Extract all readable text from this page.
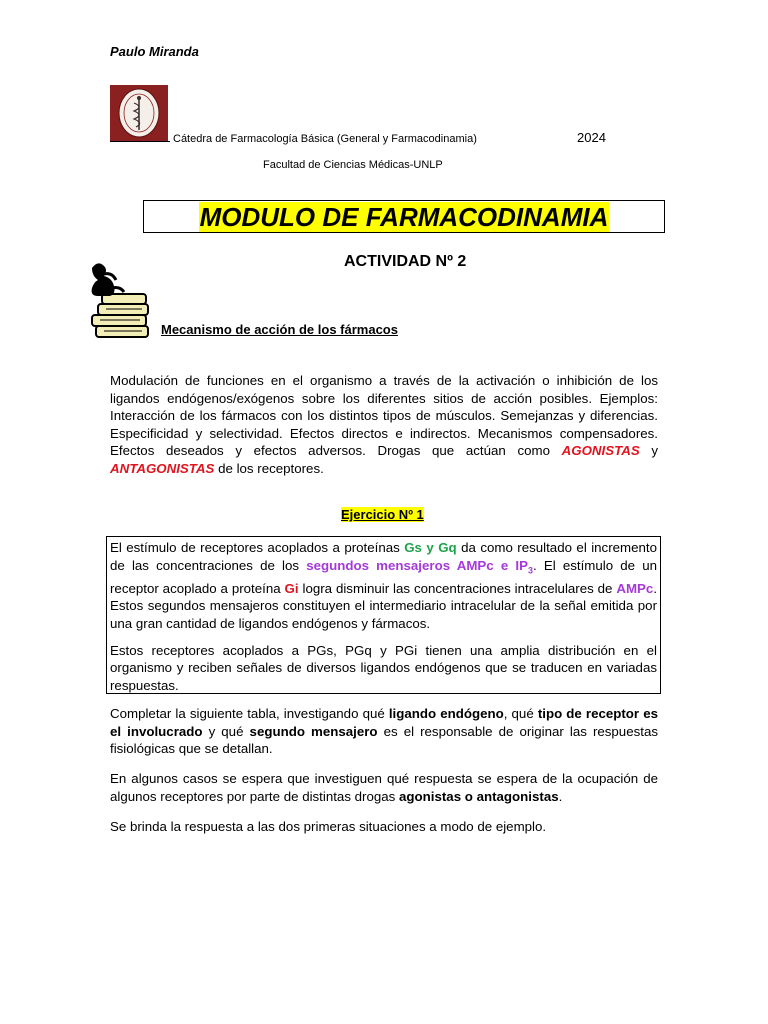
Paulo Miranda
Cátedra de Farmacología Básica (General y Farmacodinamia)	2024
Facultad de Ciencias Médicas-UNLP
MODULO DE FARMACODINAMIA
ACTIVIDAD Nº 2
Mecanismo de acción de los fármacos
Modulación de funciones en el organismo a través de la activación o inhibición de los ligandos endógenos/exógenos sobre los diferentes sitios de acción posibles. Ejemplos: Interacción de los fármacos con los distintos tipos de músculos. Semejanzas y diferencias. Especificidad y selectividad. Efectos directos e indirectos. Mecanismos compensadores. Efectos deseados y efectos adversos. Drogas que actúan como AGONISTAS y ANTAGONISTAS de los receptores.
Ejercicio Nº 1

El estímulo de receptores acoplados a proteínas Gs y Gq da como resultado el incremento de las concentraciones de los segundos mensajeros AMPc e $IP_3$. El estímulo de un receptor acoplado a proteína Gi logra disminuir las concentraciones intracelulares de AMPc. Estos segundos mensajeros constituyen el intermediario intracelular de la señal emitida por una gran cantidad de ligandos endógenos y fármacos.

Estos receptores acoplados a PGs, PGq y PGi tienen una amplia distribución en el organismo y reciben señales de diversos ligandos endógenos que se traducen en variadas respuestas.

Completar la siguiente tabla, investigando qué ligando endógeno, qué tipo de receptor es el involucrado y qué segundo mensajero es el responsable de originar las respuestas fisiológicas que se detallan.
En algunos casos se espera que investiguen qué respuesta se espera de la ocupación de algunos receptores por parte de distintas drogas agonistas o antagonistas.
Se brinda la respuesta a las dos primeras situaciones a modo de ejemplo.
